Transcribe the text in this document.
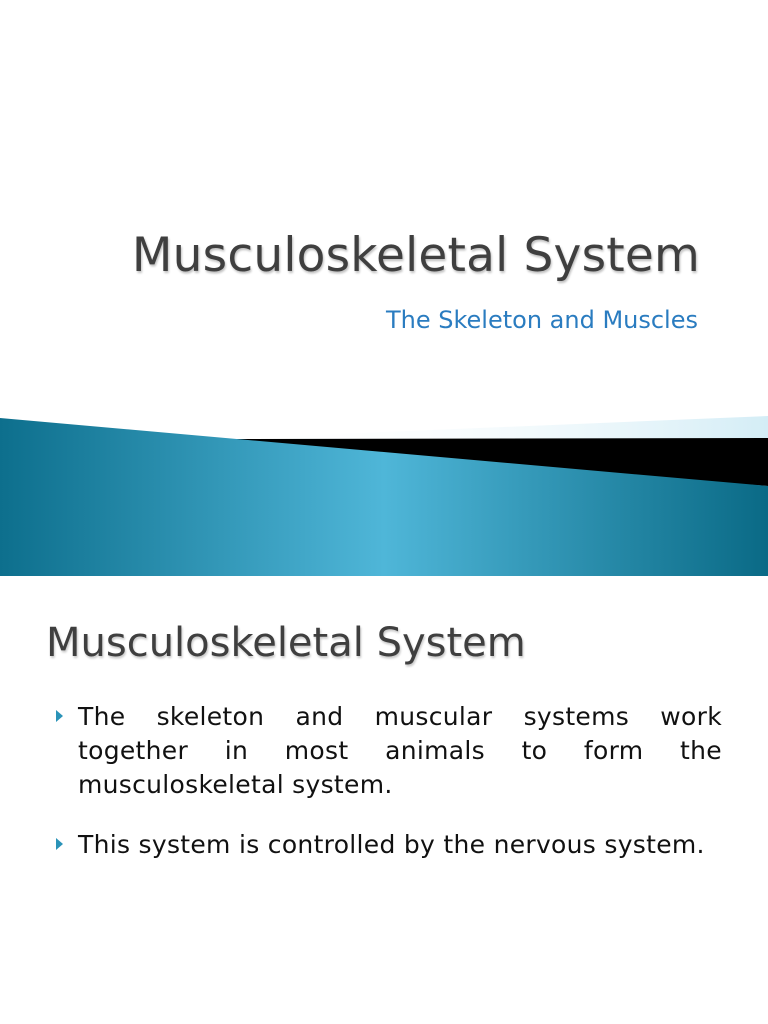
Musculoskeletal System
The Skeleton and Muscles
Musculoskeletal System
The skeleton and muscular systems work together in most animals to form the musculoskeletal system.
This system is controlled by the nervous system.
